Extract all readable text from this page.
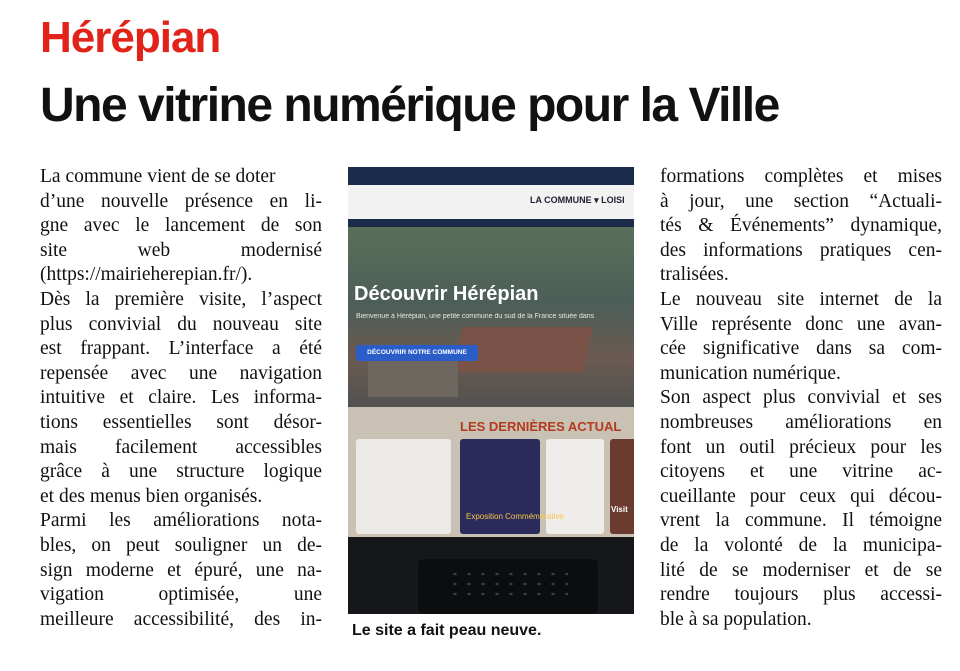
Hérépian
Une vitrine numérique pour la Ville
La commune vient de se doter
d’une nouvelle présence en li-
gne avec le lancement de son
site web modernisé
(https://mairieherepian.fr/).
Dès la première visite, l’aspect
plus convivial du nouveau site
est frappant. L’interface a été
repensée avec une navigation
intuitive et claire. Les informa-
tions essentielles sont désor-
mais facilement accessibles
grâce à une structure logique
et des menus bien organisés.
Parmi les améliorations nota-
bles, on peut souligner un de-
sign moderne et épuré, une na-
vigation optimisée, une
meilleure accessibilité, des in-
LA COMMUNE ▾ LOISI
Découvrir Hérépian
Bienvenue à Hérépian, une petite commune du sud de la France située dans
DÉCOUVRIR NOTRE COMMUNE
LES DERNIÈRES ACTUAL
Exposition Commémorative
Visit
Le site a fait peau neuve.
formations complètes et mises
à jour, une section “Actuali-
tés & Événements” dynamique,
des informations pratiques cen-
tralisées.
Le nouveau site internet de la
Ville représente donc une avan-
cée significative dans sa com-
munication numérique.
Son aspect plus convivial et ses
nombreuses améliorations en
font un outil précieux pour les
citoyens et une vitrine ac-
cueillante pour ceux qui décou-
vrent la commune. Il témoigne
de la volonté de la municipa-
lité de se moderniser et de se
rendre toujours plus accessi-
ble à sa population.
